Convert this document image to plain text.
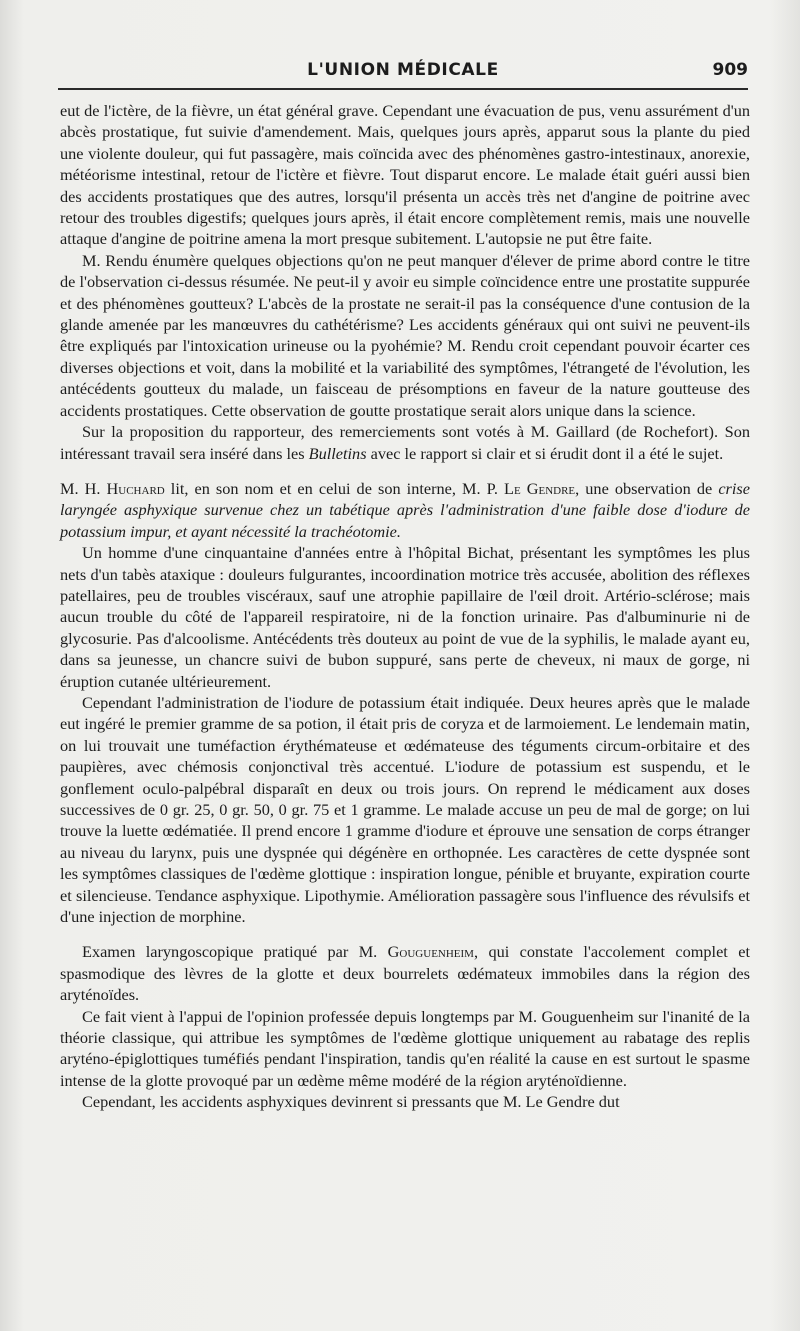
L'UNION MÉDICALE	909

eut de l'ictère, de la fièvre, un état général grave. Cependant une évacuation de pus, venu assurément d'un abcès prostatique, fut suivie d'amendement. Mais, quelques jours après, apparut sous la plante du pied une violente douleur, qui fut passagère, mais coïncida avec des phénomènes gastro-intestinaux, anorexie, météorisme intestinal, retour de l'ictère et fièvre. Tout disparut encore. Le malade était guéri aussi bien des accidents prostatiques que des autres, lorsqu'il présenta un accès très net d'angine de poitrine avec retour des troubles digestifs; quelques jours après, il était encore complètement remis, mais une nouvelle attaque d'angine de poitrine amena la mort presque subitement. L'autopsie ne put être faite.

M. Rendu énumère quelques objections qu'on ne peut manquer d'élever de prime abord contre le titre de l'observation ci-dessus résumée. Ne peut-il y avoir eu simple coïncidence entre une prostatite suppurée et des phénomènes goutteux? L'abcès de la prostate ne serait-il pas la conséquence d'une contusion de la glande amenée par les manœuvres du cathétérisme? Les accidents généraux qui ont suivi ne peuvent-ils être expliqués par l'intoxication urineuse ou la pyohémie? M. Rendu croit cependant pouvoir écarter ces diverses objections et voit, dans la mobilité et la variabilité des symptômes, l'étrangeté de l'évolution, les antécédents goutteux du malade, un faisceau de présomptions en faveur de la nature goutteuse des accidents prostatiques. Cette observation de goutte prostatique serait alors unique dans la science.

Sur la proposition du rapporteur, des remerciements sont votés à M. Gaillard (de Rochefort). Son intéressant travail sera inséré dans les Bulletins avec le rapport si clair et si érudit dont il a été le sujet.

M. H. Huchard lit, en son nom et en celui de son interne, M. P. Le Gendre, une observation de crise laryngée asphyxique survenue chez un tabétique après l'administration d'une faible dose d'iodure de potassium impur, et ayant nécessité la trachéotomie.

Un homme d'une cinquantaine d'années entre à l'hôpital Bichat, présentant les symptômes les plus nets d'un tabès ataxique : douleurs fulgurantes, incoordination motrice très accusée, abolition des réflexes patellaires, peu de troubles viscéraux, sauf une atrophie papillaire de l'œil droit. Artério-sclérose; mais aucun trouble du côté de l'appareil respiratoire, ni de la fonction urinaire. Pas d'albuminurie ni de glycosurie. Pas d'alcoolisme. Antécédents très douteux au point de vue de la syphilis, le malade ayant eu, dans sa jeunesse, un chancre suivi de bubon suppuré, sans perte de cheveux, ni maux de gorge, ni éruption cutanée ultérieurement.

Cependant l'administration de l'iodure de potassium était indiquée. Deux heures après que le malade eut ingéré le premier gramme de sa potion, il était pris de coryza et de larmoiement. Le lendemain matin, on lui trouvait une tuméfaction érythémateuse et œdémateuse des téguments circum-orbitaire et des paupières, avec chémosis conjonctival très accentué. L'iodure de potassium est suspendu, et le gonflement oculo-palpébral disparaît en deux ou trois jours. On reprend le médicament aux doses successives de 0 gr. 25, 0 gr. 50, 0 gr. 75 et 1 gramme. Le malade accuse un peu de mal de gorge; on lui trouve la luette œdématiée. Il prend encore 1 gramme d'iodure et éprouve une sensation de corps étranger au niveau du larynx, puis une dyspnée qui dégénère en orthopnée. Les caractères de cette dyspnée sont les symptômes classiques de l'œdème glottique : inspiration longue, pénible et bruyante, expiration courte et silencieuse. Tendance asphyxique. Lipothymie. Amélioration passagère sous l'influence des révulsifs et d'une injection de morphine.

Examen laryngoscopique pratiqué par M. Gouguenheim, qui constate l'accolement complet et spasmodique des lèvres de la glotte et deux bourrelets œdémateux immobiles dans la région des aryténoïdes.

Ce fait vient à l'appui de l'opinion professée depuis longtemps par M. Gouguenheim sur l'inanité de la théorie classique, qui attribue les symptômes de l'œdème glottique uniquement au rabatage des replis aryténo-épiglottiques tuméfiés pendant l'inspiration, tandis qu'en réalité la cause en est surtout le spasme intense de la glotte provoqué par un œdème même modéré de la région aryténoïdienne.

Cependant, les accidents asphyxiques devinrent si pressants que M. Le Gendre dut
